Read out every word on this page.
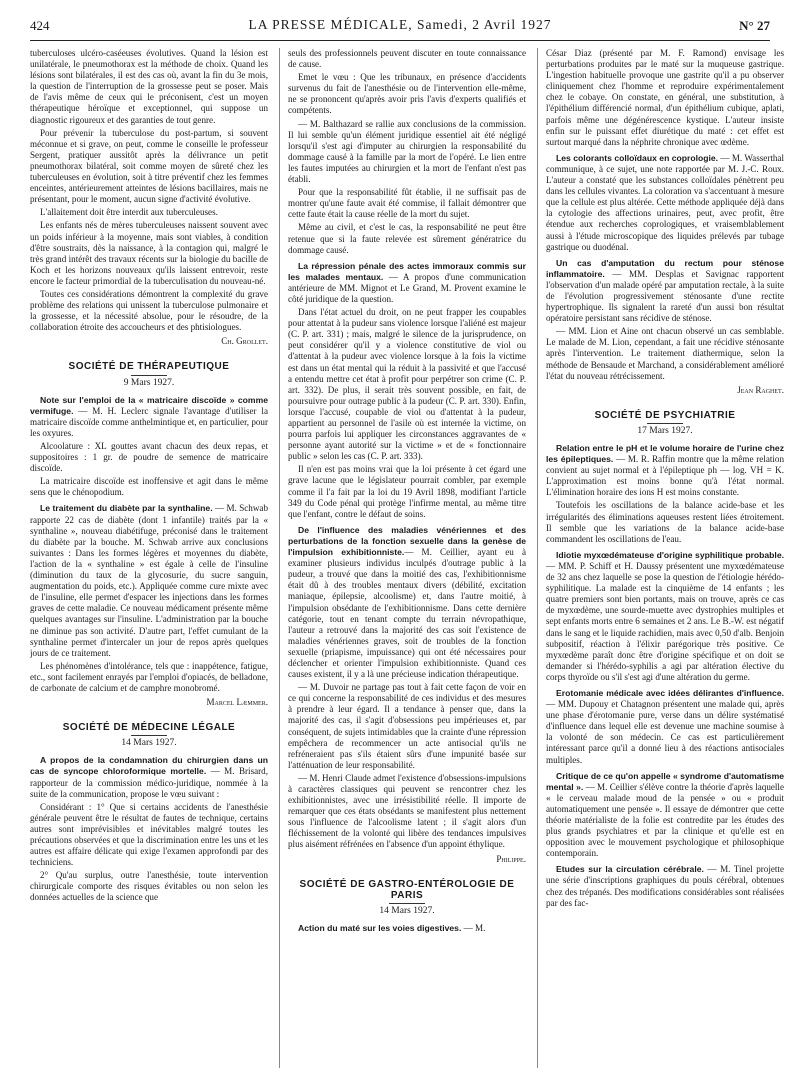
424	LA PRESSE MÉDICALE, Samedi, 2 Avril 1927	N° 27

tuberculoses ulcéro-caséeuses évolutives. Quand la lésion est unilatérale, le pneumothorax est la méthode de choix. Quand les lésions sont bilatérales, il est des cas où, avant la fin du 3e mois, la question de l'interruption de la grossesse peut se poser. Mais de l'avis même de ceux qui le préconisent, c'est un moyen thérapeutique héroïque et exceptionnel, qui suppose un diagnostic rigoureux et des garanties de tout genre.

Pour prévenir la tuberculose du post-partum, si souvent méconnue et si grave, on peut, comme le conseille le professeur Sergent, pratiquer aussitôt après la délivrance un petit pneumothorax bilatéral, soit comme moyen de sûreté chez les tuberculeuses en évolution, soit à titre préventif chez les femmes enceintes, antérieurement atteintes de lésions bacillaires, mais ne présentant, pour le moment, aucun signe d'activité évolutive.

L'allaitement doit être interdit aux tuberculeuses.

Les enfants nés de mères tuberculeuses naissent souvent avec un poids inférieur à la moyenne, mais sont viables, à condition d'être soustraits, dès la naissance, à la contagion qui, malgré le très grand intérêt des travaux récents sur la biologie du bacille de Koch et les horizons nouveaux qu'ils laissent entrevoir, reste encore le facteur primordial de la tuberculisation du nouveau-né.

Toutes ces considérations démontrent la complexité du grave problème des relations qui unissent la tuberculose pulmonaire et la grossesse, et la nécessité absolue, pour le résoudre, de la collaboration étroite des accoucheurs et des phtisiologues.

Ch. Grollet.

SOCIÉTÉ DE THÉRAPEUTIQUE
9 Mars 1927.

Note sur l'emploi de la « matricaire discoïde » comme vermifuge. — M. H. Leclerc signale l'avantage d'utiliser la matricaire discoïde comme anthelmintique et, en particulier, pour les oxyures.

Alcoolature : XL gouttes avant chacun des deux repas, et suppositoires : 1 gr. de poudre de semence de matricaire discoïde.

La matricaire discoïde est inoffensive et agit dans le même sens que le chénopodium.

Le traitement du diabète par la synthaline. — M. Schwab rapporte 22 cas de diabète (dont 1 infantile) traités par la « synthaline », nouveau diabétifuge, préconisé dans le traitement du diabète par la bouche. M. Schwab arrive aux conclusions suivantes : Dans les formes légères et moyennes du diabète, l'action de la « synthaline » est égale à celle de l'insuline (diminution du taux de la glycosurie, du sucre sanguin, augmentation du poids, etc.). Appliquée comme cure mixte avec de l'insuline, elle permet d'espacer les injections dans les formes graves de cette maladie. Ce nouveau médicament présente même quelques avantages sur l'insuline. L'administration par la bouche ne diminue pas son activité. D'autre part, l'effet cumulant de la synthaline permet d'intercaler un jour de repos après quelques jours de ce traitement.

Les phénomènes d'intolérance, tels que : inappétence, fatigue, etc., sont facilement enrayés par l'emploi d'opiacés, de belladone, de carbonate de calcium et de camphre monobromé.

Marcel Læmmer.

SOCIÉTÉ DE MÉDECINE LÉGALE
14 Mars 1927.

A propos de la condamnation du chirurgien dans un cas de syncope chloroformique mortelle. — M. Brisard, rapporteur de la commission médico-juridique, nommée à la suite de la communication, propose le vœu suivant :

Considérant : 1° Que si certains accidents de l'anesthésie générale peuvent être le résultat de fautes de technique, certains autres sont imprévisibles et inévitables malgré toutes les précautions observées et que la discrimination entre les uns et les autres est affaire délicate qui exige l'examen approfondi par des techniciens.

2° Qu'au surplus, outre l'anesthésie, toute intervention chirurgicale comporte des risques évitables ou non selon les données actuelles de la science que

seuls des professionnels peuvent discuter en toute connaissance de cause.

Emet le vœu : Que les tribunaux, en présence d'accidents survenus du fait de l'anesthésie ou de l'intervention elle-même, ne se prononcent qu'après avoir pris l'avis d'experts qualifiés et compétents.

— M. Balthazard se rallie aux conclusions de la commission. Il lui semble qu'un élément juridique essentiel ait été négligé lorsqu'il s'est agi d'imputer au chirurgien la responsabilité du dommage causé à la famille par la mort de l'opéré. Le lien entre les fautes imputées au chirurgien et la mort de l'enfant n'est pas établi.

Pour que la responsabilité fût établie, il ne suffisait pas de montrer qu'une faute avait été commise, il fallait démontrer que cette faute était la cause réelle de la mort du sujet.

Même au civil, et c'est le cas, la responsabilité ne peut être retenue que si la faute relevée est sûrement génératrice du dommage causé.

La répression pénale des actes immoraux commis sur les malades mentaux. — A propos d'une communication antérieure de MM. Mignot et Le Grand, M. Provent examine le côté juridique de la question.

Dans l'état actuel du droit, on ne peut frapper les coupables pour attentat à la pudeur sans violence lorsque l'aliéné est majeur (C. P. art. 331) ; mais, malgré le silence de la jurisprudence, on peut considérer qu'il y a violence constitutive de viol ou d'attentat à la pudeur avec violence lorsque à la fois la victime est dans un état mental qui la réduit à la passivité et que l'accusé a entendu mettre cet état à profit pour perpétrer son crime (C. P. art. 332). De plus, il serait très souvent possible, en fait, de poursuivre pour outrage public à la pudeur (C. P. art. 330). Enfin, lorsque l'accusé, coupable de viol ou d'attentat à la pudeur, appartient au personnel de l'asile où est internée la victime, on pourra parfois lui appliquer les circonstances aggravantes de « personne ayant autorité sur la victime » et de « fonctionnaire public » selon les cas (C. P. art. 333).

Il n'en est pas moins vrai que la loi présente à cet égard une grave lacune que le législateur pourrait combler, par exemple comme il l'a fait par la loi du 19 Avril 1898, modifiant l'article 349 du Code pénal qui protège l'infirme mental, au même titre que l'enfant, contre le défaut de soins.

De l'influence des maladies vénériennes et des perturbations de la fonction sexuelle dans la genèse de l'impulsion exhibitionniste.— M. Ceillier, ayant eu à examiner plusieurs individus inculpés d'outrage public à la pudeur, a trouvé que dans la moitié des cas, l'exhibitionnisme était dû à des troubles mentaux divers (débilité, excitation maniaque, épilepsie, alcoolisme) et, dans l'autre moitié, à l'impulsion obsédante de l'exhibitionnisme. Dans cette dernière catégorie, tout en tenant compte du terrain névropathique, l'auteur a retrouvé dans la majorité des cas soit l'existence de maladies vénériennes graves, soit de troubles de la fonction sexuelle (priapisme, impuissance) qui ont été nécessaires pour déclencher et orienter l'impulsion exhibitionniste. Quand ces causes existent, il y a là une précieuse indication thérapeutique.

— M. Duvoir ne partage pas tout à fait cette façon de voir en ce qui concerne la responsabilité de ces individus et des mesures à prendre à leur égard. Il a tendance à penser que, dans la majorité des cas, il s'agit d'obsessions peu impérieuses et, par conséquent, de sujets intimidables que la crainte d'une répression empêchera de recommencer un acte antisocial qu'ils ne refréneraient pas s'ils étaient sûrs d'une impunité basée sur l'atténuation de leur responsabilité.

— M. Henri Claude admet l'existence d'obsessions-impulsions à caractères classiques qui peuvent se rencontrer chez les exhibitionnistes, avec une irrésistibilité réelle. Il importe de remarquer que ces états obsédants se manifestent plus nettement sous l'influence de l'alcoolisme latent ; il s'agit alors d'un fléchissement de la volonté qui libère des tendances impulsives plus aisément réfrénées en l'absence d'un appoint éthylique.

Philippe.

SOCIÉTÉ DE GASTRO-ENTÉROLOGIE DE PARIS
14 Mars 1927.

Action du maté sur les voies digestives. — M.

César Diaz (présenté par M. F. Ramond) envisage les perturbations produites par le maté sur la muqueuse gastrique. L'ingestion habituelle provoque une gastrite qu'il a pu observer cliniquement chez l'homme et reproduire expérimentalement chez le cobaye. On constate, en général, une substitution, à l'épithélium différencié normal, d'un épithélium cubique, aplati, parfois même une dégénérescence kystique. L'auteur insiste enfin sur le puissant effet diurétique du maté : cet effet est surtout marqué dans la néphrite chronique avec œdème.

Les colorants colloïdaux en coprologie. — M. Wasserthal communique, à ce sujet, une note rapportée par M. J.-C. Roux. L'auteur a constaté que les substances colloïdales pénètrent peu dans les cellules vivantes. La coloration va s'accentuant à mesure que la cellule est plus altérée. Cette méthode appliquée déjà dans la cytologie des affections urinaires, peut, avec profit, être étendue aux recherches coprologiques, et vraisemblablement aussi à l'étude microscopique des liquides prélevés par tubage gastrique ou duodénal.

Un cas d'amputation du rectum pour sténose inflammatoire. — MM. Desplas et Savignac rapportent l'observation d'un malade opéré par amputation rectale, à la suite de l'évolution progressivement sténosante d'une rectite hypertrophique. Ils signalent la rareté d'un aussi bon résultat opératoire persistant sans récidive de sténose.

— MM. Lion et Aine ont chacun observé un cas semblable. Le malade de M. Lion, cependant, a fait une récidive sténosante après l'intervention. Le traitement diathermique, selon la méthode de Bensaude et Marchand, a considérablement amélioré l'état du nouveau rétrécissement.

Jean Raghet.

SOCIÉTÉ DE PSYCHIATRIE
17 Mars 1927.

Relation entre le pH et le volume horaire de l'urine chez les épileptiques. — M. R. Raffin montre que la même relation convient au sujet normal et à l'épileptique ph — log. VH = K. L'approximation est moins bonne qu'à l'état normal. L'élimination horaire des ions H est moins constante.

Toutefois les oscillations de la balance acide-base et les irrégularités des éliminations aqueuses restent liées étroitement. Il semble que les variations de la balance acide-base commandent les oscillations de l'eau.

Idiotie myxœdémateuse d'origine syphilitique probable. — MM. P. Schiff et H. Daussy présentent une myxœdémateuse de 32 ans chez laquelle se pose la question de l'étiologie hérédo-syphilitique. La malade est la cinquième de 14 enfants ; les quatre premiers sont bien portants, mais on trouve, après ce cas de myxœdème, une sourde-muette avec dystrophies multiples et sept enfants morts entre 6 semaines et 2 ans. Le B.-W. est négatif dans le sang et le liquide rachidien, mais avec 0,50 d'alb. Benjoin subpositif, réaction à l'élixir parégorique très positive. Ce myxœdème paraît donc être d'origine spécifique et on doit se demander si l'hérédo-syphilis a agi par altération élective du corps thyroïde ou s'il s'est agi d'une altération du germe.

Erotomanie médicale avec idées délirantes d'influence. — MM. Dupouy et Chatagnon présentent une malade qui, après une phase d'érotomanie pure, verse dans un délire systématisé d'influence dans lequel elle est devenue une machine soumise à la volonté de son médecin. Ce cas est particulièrement intéressant parce qu'il a donné lieu à des réactions antisociales multiples.

Critique de ce qu'on appelle « syndrome d'automatisme mental ». — M. Ceillier s'élève contre la théorie d'après laquelle « le cerveau malade moud de la pensée » ou « produit automatiquement une pensée ». Il essaye de démontrer que cette théorie matérialiste de la folie est contredite par les études des plus grands psychiatres et par la clinique et qu'elle est en opposition avec le mouvement psychologique et philosophique contemporain.

Etudes sur la circulation cérébrale. — M. Tinel projette une série d'inscriptions graphiques du pouls cérébral, obtenues chez des trépanés. Des modifications considérables sont réalisées par des fac-
